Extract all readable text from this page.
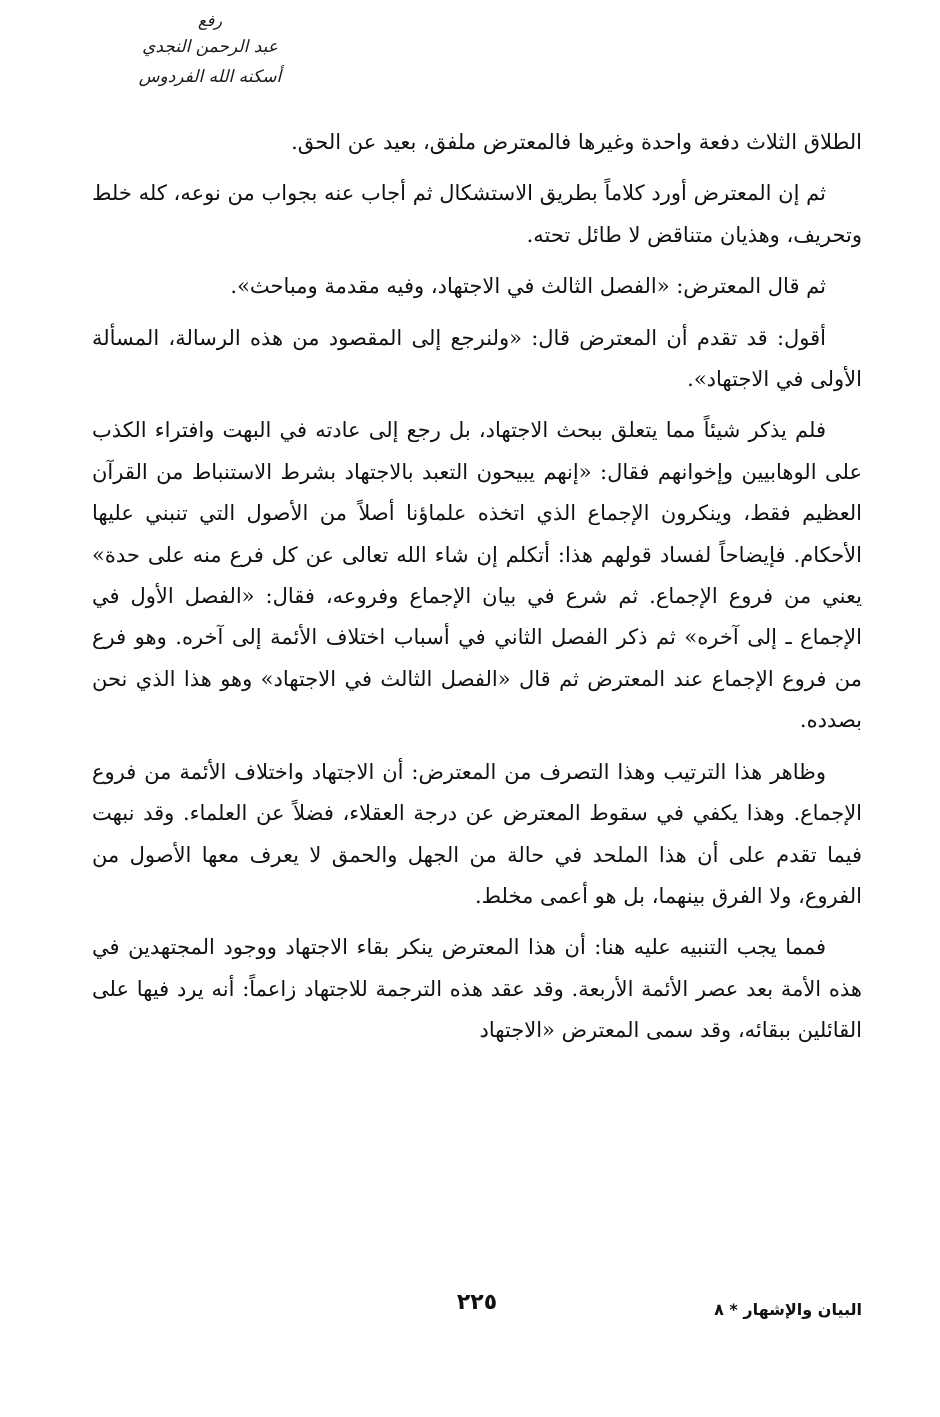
رفع
عبد الرحمن النجدي
أسكنه الله الفردوس

الطلاق الثلاث دفعة واحدة وغيرها فالمعترض ملفق، بعيد عن الحق.

ثم إن المعترض أورد كلاماً بطريق الاستشكال ثم أجاب عنه بجواب من نوعه، كله خلط وتحريف، وهذيان متناقض لا طائل تحته.

ثم قال المعترض: «الفصل الثالث في الاجتهاد، وفيه مقدمة ومباحث».

أقول: قد تقدم أن المعترض قال: «ولنرجع إلى المقصود من هذه الرسالة، المسألة الأولى في الاجتهاد».

فلم يذكر شيئاً مما يتعلق ببحث الاجتهاد، بل رجع إلى عادته في البهت وافتراء الكذب على الوهابيين وإخوانهم فقال: «إنهم يبيحون التعبد بالاجتهاد بشرط الاستنباط من القرآن العظيم فقط، وينكرون الإجماع الذي اتخذه علماؤنا أصلاً من الأصول التي تنبني عليها الأحكام. فإيضاحاً لفساد قولهم هذا: أتكلم إن شاء الله تعالى عن كل فرع منه على حدة» يعني من فروع الإجماع. ثم شرع في بيان الإجماع وفروعه، فقال: «الفصل الأول في الإجماع ـ إلى آخره» ثم ذكر الفصل الثاني في أسباب اختلاف الأئمة إلى آخره. وهو فرع من فروع الإجماع عند المعترض ثم قال «الفصل الثالث في الاجتهاد» وهو هذا الذي نحن بصدده.

وظاهر هذا الترتيب وهذا التصرف من المعترض: أن الاجتهاد واختلاف الأئمة من فروع الإجماع. وهذا يكفي في سقوط المعترض عن درجة العقلاء، فضلاً عن العلماء. وقد نبهت فيما تقدم على أن هذا الملحد في حالة من الجهل والحمق لا يعرف معها الأصول من الفروع، ولا الفرق بينهما، بل هو أعمى مخلط.

فمما يجب التنبيه عليه هنا: أن هذا المعترض ينكر بقاء الاجتهاد ووجود المجتهدين في هذه الأمة بعد عصر الأئمة الأربعة. وقد عقد هذه الترجمة للاجتهاد زاعماً: أنه يرد فيها على القائلين ببقائه، وقد سمى المعترض «الاجتهاد

البيان والإشهار * ٨
٢٢٥
